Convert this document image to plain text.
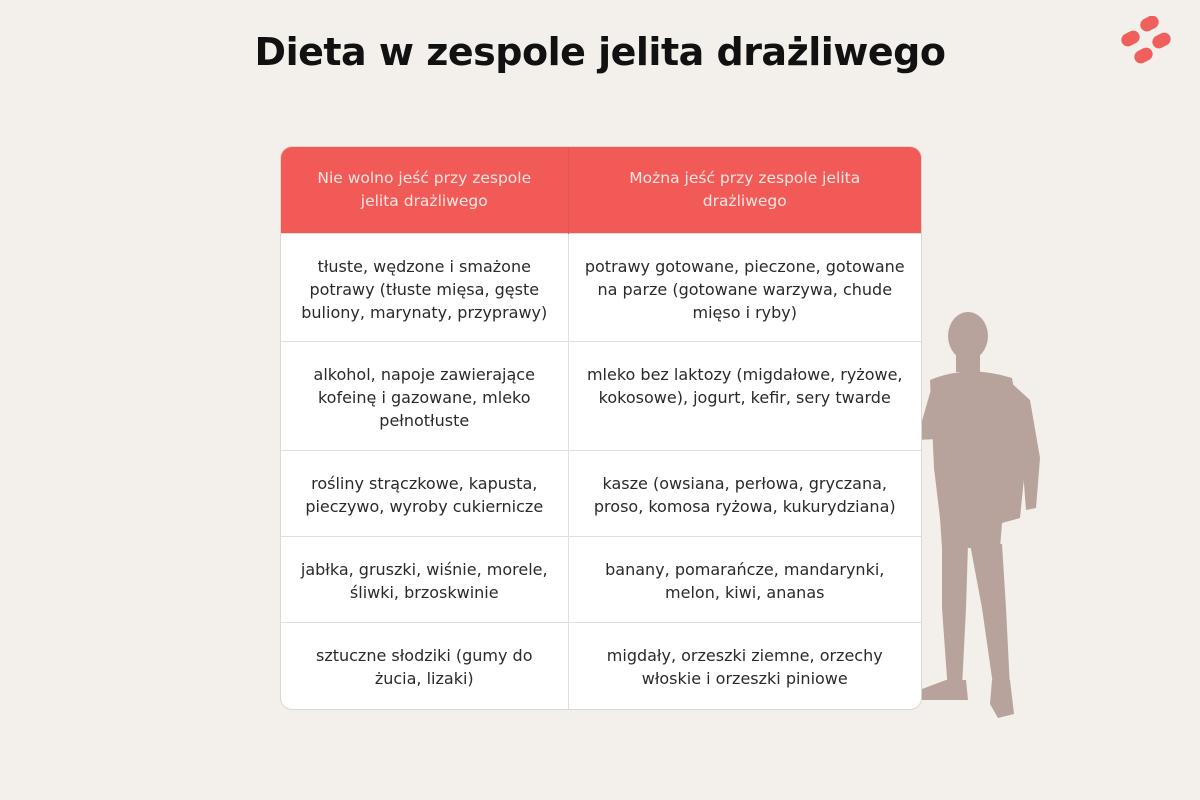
Dieta w zespole jelita drażliwego
Nie wolno jeść przy zespole jelita drażliwego	Można jeść przy zespole jelita drażliwego
tłuste, wędzone i smażone potrawy (tłuste mięsa, gęste buliony, marynaty, przyprawy)	potrawy gotowane, pieczone, gotowane na parze (gotowane warzywa, chude mięso i ryby)
alkohol, napoje zawierające kofeinę i gazowane, mleko pełnotłuste	mleko bez laktozy (migdałowe, ryżowe, kokosowe), jogurt, kefir, sery twarde
rośliny strączkowe, kapusta, pieczywo, wyroby cukiernicze	kasze (owsiana, perłowa, gryczana, proso, komosa ryżowa, kukurydziana)
jabłka, gruszki, wiśnie, morele, śliwki, brzoskwinie	banany, pomarańcze, mandarynki, melon, kiwi, ananas
sztuczne słodziki (gumy do żucia, lizaki)	migdały, orzeszki ziemne, orzechy włoskie i orzeszki piniowe
